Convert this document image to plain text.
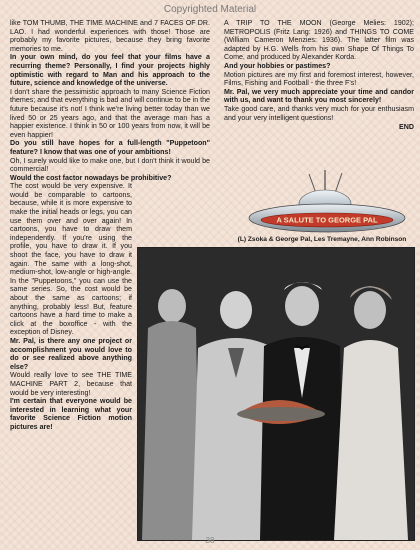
Copyrighted Material

like TOM THUMB, THE TIME MACHINE and 7 FACES OF DR. LAO. I had wonderful experiences with those! Those are probably my favorite pictures, because they bring favorite memories to me.

In your own mind, do you feel that your films have a recurring theme? Personally, I find your projects highly optimistic with regard to Man and his approach to the future, science and knowledge of the universe.

I don't share the pessimistic approach to many Science Fiction themes; and that everything is bad and will continue to be in the future because it's not! I think we're living better today than we lived 50 or 25 years ago, and that the average man has a happier existence. I think in 50 or 100 years from now, it will be even happier!

Do you still have hopes for a full-length "Puppetoon" feature? I know that was one of your ambitions!

Oh, I surely would like to make one, but I don't think it would be commercial!

Would the cost factor nowadays be prohibitive?

The cost would be very expensive. It would be comparable to cartoons, because, while it is more expensive to make the initial heads or legs, you can use them over and over again! In cartoons, you have to draw them independently. If you're using the profile, you have to draw it. If you shoot the face, you have to draw it again. The same with a long-shot, medium-shot, low-angle or high-angle. In the "Puppetoons," you can use the same series. So, the cost would be about the same as cartoons; if anything, probably less! But, feature cartoons have a hard time to make a click at the boxoffice - with the exception of Disney.

Mr. Pal, is there any one project or accomplishment you would love to do or see realized above anything else?

Would really love to see THE TIME MACHINE PART 2, because that would be very interesting!

I'm certain that everyone would be interested in learning what your favorite Science Fiction motion pictures are!

A TRIP TO THE MOON (George Melies: 1902); METROPOLIS (Fritz Lang: 1926) and THINGS TO COME (William Cameron Menzies: 1936). The latter film was adapted by H.G. Wells from his own Shape Of Things To Come, and produced by Alexander Korda.

And your hobbies or pastimes?

Motion pictures are my first and foremost interest, however, Films, Fishing and Football - the three F's!

Mr. Pal, we very much appreciate your time and candor with us, and want to thank you most sincerely!

Take good care, and thanks very much for your enthusiasm and your very intelligent questions!

END
A SALUTE TO GEORGE PAL
(L) Zsoka & George Pal, Les Tremayne, Ann Robinson
38
